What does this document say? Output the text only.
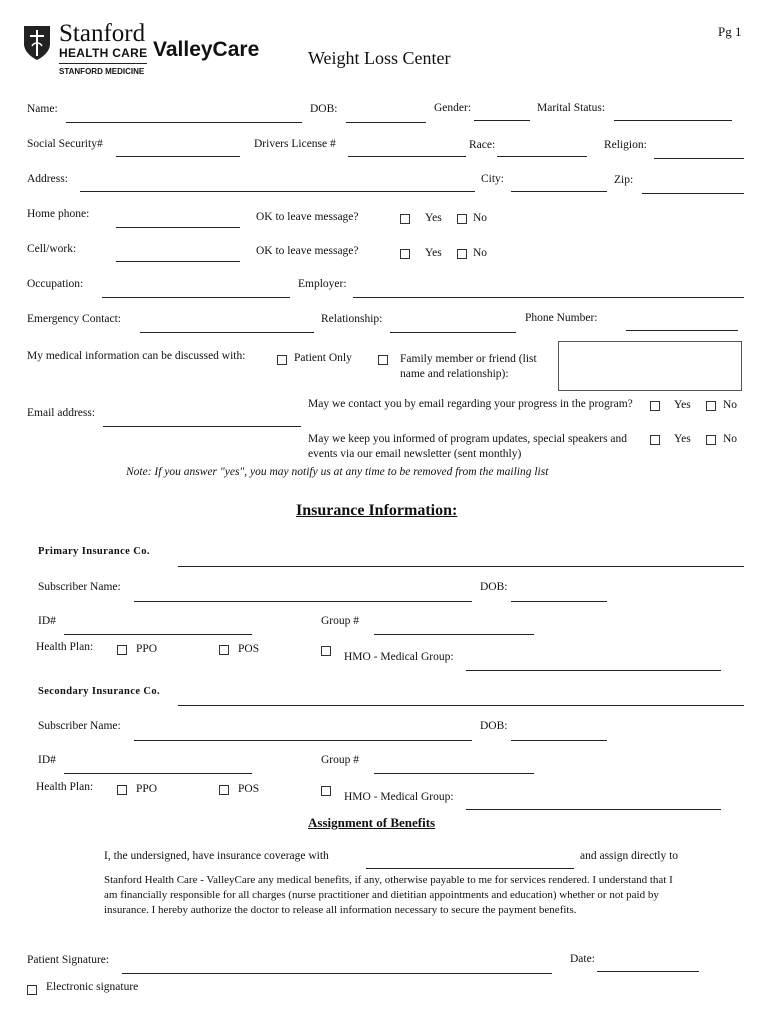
Stanford
HEALTH CARE
STANFORD MEDICINE
ValleyCare	Weight Loss Center
Pg 1
Name:	DOB:	Gender:	Marital Status:
Social Security#	Drivers License #	Race:	Religion:
Address:	City:	Zip:
Home phone:	OK to leave message?	Yes	No
Cell/work:	OK to leave message?	Yes	No
Occupation:	Employer:
Emergency Contact:	Relationship:	Phone Number:
My medical information can be discussed with:	Patient Only	Family member or friend (list name and relationship):
Email address:
May we contact you by email regarding your progress in the program?	Yes	No
May we keep you informed of program updates, special speakers and events via our email newsletter (sent monthly)
Yes	No
Note: If you answer "yes", you may notify us at any time to be removed from the mailing list
Insurance Information:
Primary Insurance Co.
Subscriber Name:	DOB:
ID#	Group #
Health Plan:	PPO	POS
HMO - Medical Group:
Secondary Insurance Co.
Subscriber Name:	DOB:
ID#	Group #
Health Plan:	PPO	POS
HMO - Medical Group:
Assignment of Benefits
I, the undersigned, have insurance coverage with	and assign directly to
Stanford Health Care - ValleyCare any medical benefits, if any, otherwise payable to me for services rendered. I understand that I am financially responsible for all charges (nurse practitioner and dietitian appointments and education) whether or not paid by insurance. I hereby authorize the doctor to release all information necessary to secure the payment benefits.
Patient Signature:	Date:
Electronic signature
